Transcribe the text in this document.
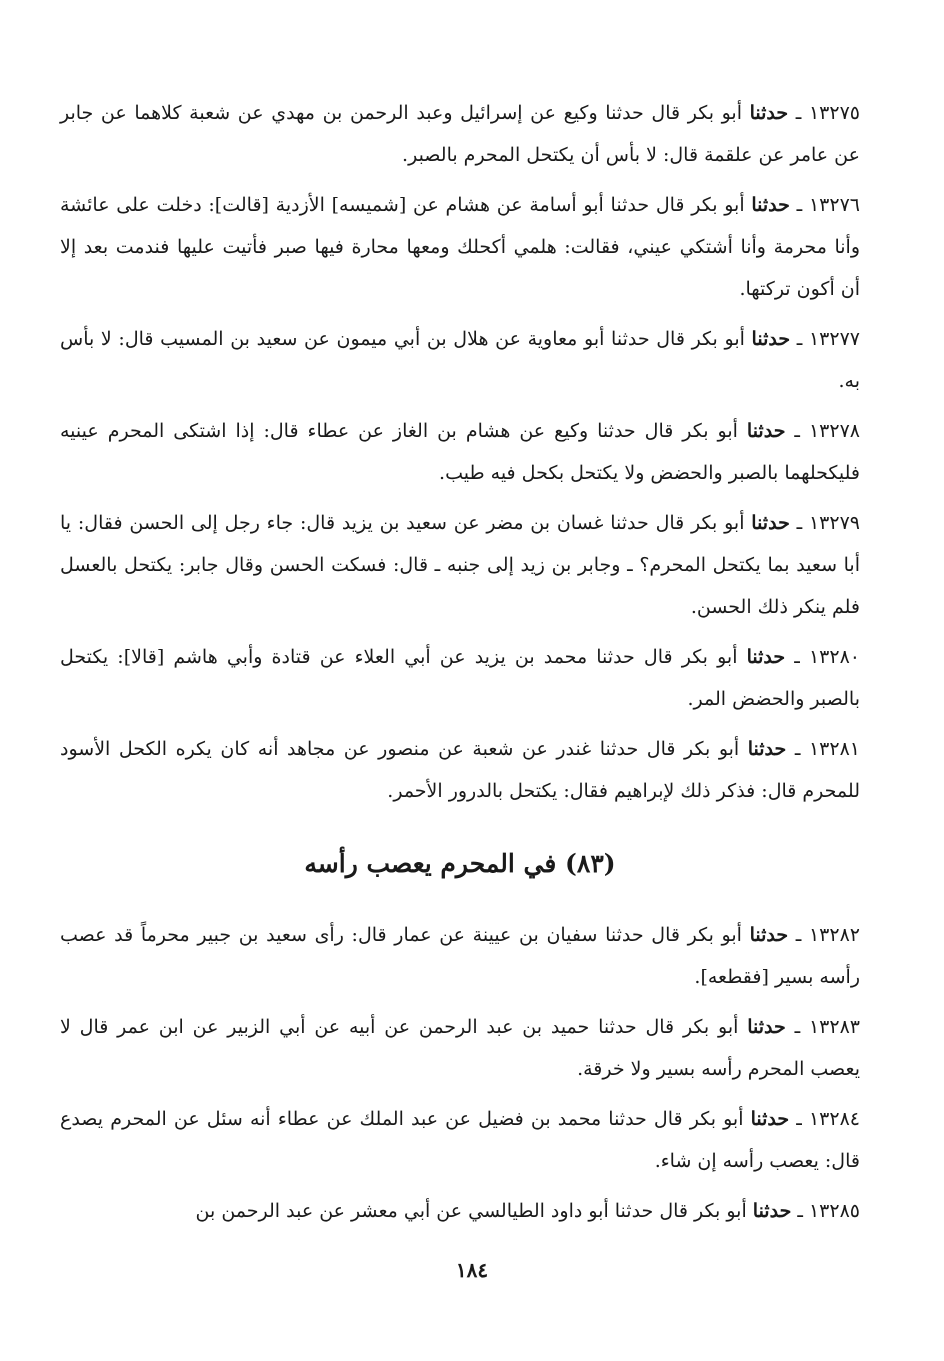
١٣٢٧٥ ـ حدثنا أبو بكر قال حدثنا وكيع عن إسرائيل وعبد الرحمن بن مهدي عن شعبة كلاهما عن جابر عن عامر عن علقمة قال: لا بأس أن يكتحل المحرم بالصبر.

١٣٢٧٦ ـ حدثنا أبو بكر قال حدثنا أبو أسامة عن هشام عن [شميسه] الأزدية [قالت]: دخلت على عائشة وأنا محرمة وأنا أشتكي عيني، فقالت: هلمي أكحلك ومعها محارة فيها صبر فأتيت عليها فندمت بعد إلا أن أكون تركتها.

١٣٢٧٧ ـ حدثنا أبو بكر قال حدثنا أبو معاوية عن هلال بن أبي ميمون عن سعيد بن المسيب قال: لا بأس به.

١٣٢٧٨ ـ حدثنا أبو بكر قال حدثنا وكيع عن هشام بن الغاز عن عطاء قال: إذا اشتكى المحرم عينيه فليكحلهما بالصبر والحضض ولا يكتحل بكحل فيه طيب.

١٣٢٧٩ ـ حدثنا أبو بكر قال حدثنا غسان بن مضر عن سعيد بن يزيد قال: جاء رجل إلى الحسن فقال: يا أبا سعيد بما يكتحل المحرم؟ ـ وجابر بن زيد إلى جنبه ـ قال: فسكت الحسن وقال جابر: يكتحل بالعسل فلم ينكر ذلك الحسن.

١٣٢٨٠ ـ حدثنا أبو بكر قال حدثنا محمد بن يزيد عن أبي العلاء عن قتادة وأبي هاشم [قالا]: يكتحل بالصبر والحضض المر.

١٣٢٨١ ـ حدثنا أبو بكر قال حدثنا غندر عن شعبة عن منصور عن مجاهد أنه كان يكره الكحل الأسود للمحرم قال: فذكر ذلك لإبراهيم فقال: يكتحل بالدرور الأحمر.

(٨٣) في المحرم يعصب رأسه

١٣٢٨٢ ـ حدثنا أبو بكر قال حدثنا سفيان بن عيينة عن عمار قال: رأى سعيد بن جبير محرماً قد عصب رأسه بسير [فقطعه].

١٣٢٨٣ ـ حدثنا أبو بكر قال حدثنا حميد بن عبد الرحمن عن أبيه عن أبي الزبير عن ابن عمر قال لا يعصب المحرم رأسه بسير ولا خرقة.

١٣٢٨٤ ـ حدثنا أبو بكر قال حدثنا محمد بن فضيل عن عبد الملك عن عطاء أنه سئل عن المحرم يصدع قال: يعصب رأسه إن شاء.

١٣٢٨٥ ـ حدثنا أبو بكر قال حدثنا أبو داود الطيالسي عن أبي معشر عن عبد الرحمن بن

١٨٤
